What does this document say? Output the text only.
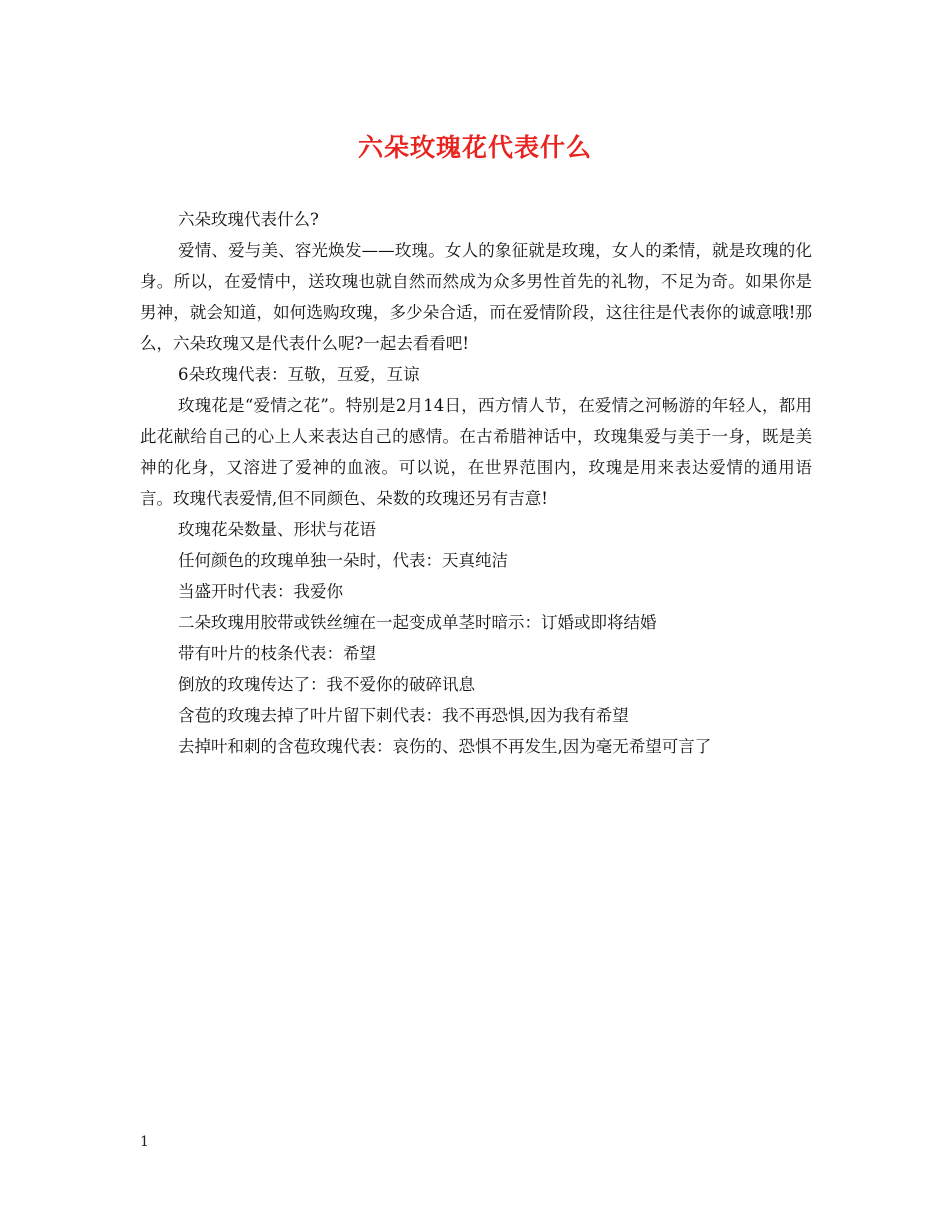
六朵玫瑰花代表什么

六朵玫瑰代表什么?

爱情、爱与美、容光焕发——玫瑰。女人的象征就是玫瑰，女人的柔情，就是玫瑰的化身。所以，在爱情中，送玫瑰也就自然而然成为众多男性首先的礼物，不足为奇。如果你是男神，就会知道，如何选购玫瑰，多少朵合适，而在爱情阶段，这往往是代表你的诚意哦!那么，六朵玫瑰又是代表什么呢?一起去看看吧!

6朵玫瑰代表：互敬，互爱，互谅

玫瑰花是“爱情之花”。特别是2月14日，西方情人节，在爱情之河畅游的年轻人，都用此花献给自己的心上人来表达自己的感情。在古希腊神话中，玫瑰集爱与美于一身，既是美神的化身，又溶进了爱神的血液。可以说，在世界范围内，玫瑰是用来表达爱情的通用语言。玫瑰代表爱情,但不同颜色、朵数的玫瑰还另有吉意!

玫瑰花朵数量、形状与花语

任何颜色的玫瑰单独一朵时，代表：天真纯洁

当盛开时代表：我爱你

二朵玫瑰用胶带或铁丝缠在一起变成单茎时暗示：订婚或即将结婚

带有叶片的枝条代表：希望

倒放的玫瑰传达了：我不爱你的破碎讯息

含苞的玫瑰去掉了叶片留下刺代表：我不再恐惧,因为我有希望

去掉叶和刺的含苞玫瑰代表：哀伤的、恐惧不再发生,因为毫无希望可言了

1
